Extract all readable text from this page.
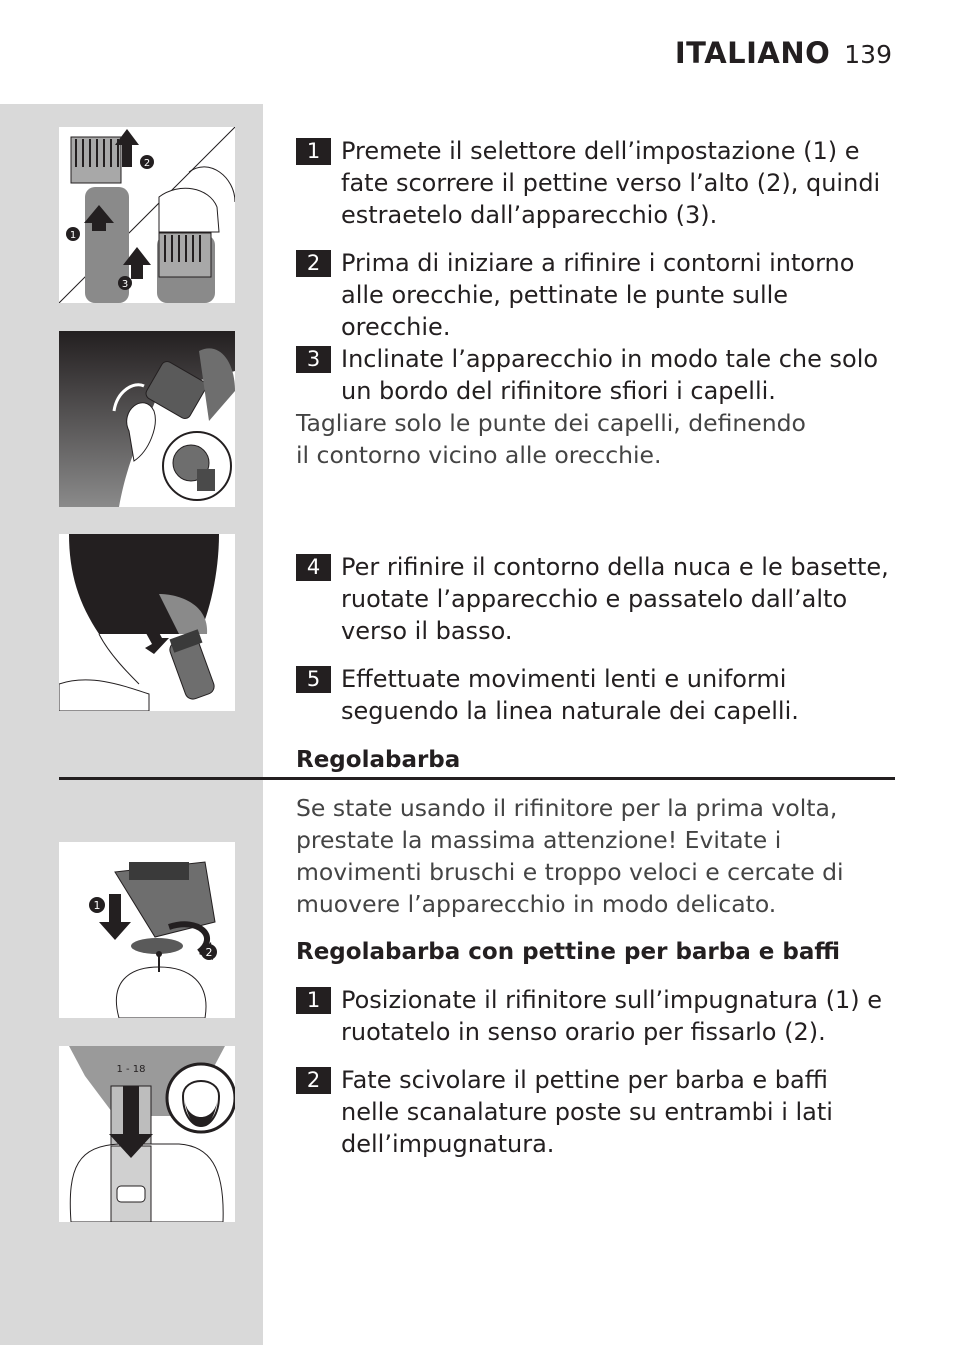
ITALIANO 139
2
1
3
1
2
1 - 18
1 Premete il selettore dell’impostazione (1) e fate scorrere il pettine verso l’alto (2), quindi estraetelo dall’apparecchio (3).
2 Prima di iniziare a rifinire i contorni intorno alle orecchie, pettinate le punte sulle orecchie.
3 Inclinate l’apparecchio in modo tale che solo un bordo del rifinitore sfiori i capelli.
Tagliare solo le punte dei capelli, definendo il contorno vicino alle orecchie.
4 Per rifinire il contorno della nuca e le basette, ruotate l’apparecchio e passatelo dall’alto verso il basso.
5 Effettuate movimenti lenti e uniformi seguendo la linea naturale dei capelli.
Regolabarba
Se state usando il rifinitore per la prima volta, prestate la massima attenzione! Evitate i movimenti bruschi e troppo veloci e cercate di muovere l’apparecchio in modo delicato.
Regolabarba con pettine per barba e baffi
1 Posizionate il rifinitore sull’impugnatura (1) e ruotatelo in senso orario per fissarlo (2).
2 Fate scivolare il pettine per barba e baffi nelle scanalature poste su entrambi i lati dell’impugnatura.
